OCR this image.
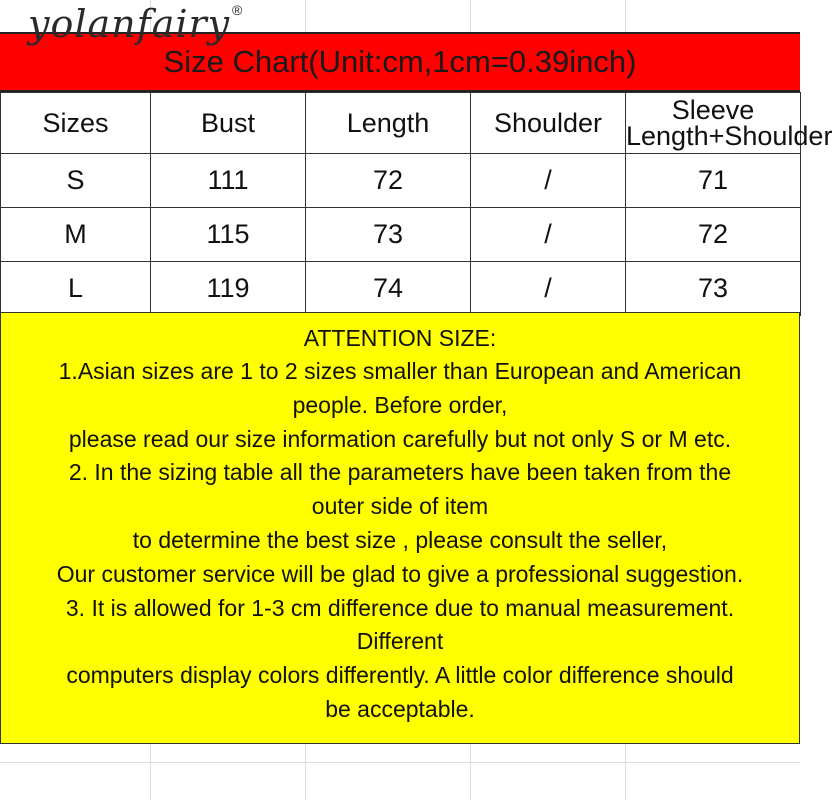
yolanfairy ®
Size Chart(Unit:cm,1cm=0.39inch)
Sizes	Bust	Length	Shoulder	Sleeve
Length+Shoulder

S	111	72	/	71
M	115	73	/	72
L	119	74	/	73
ATTENTION SIZE:
1.Asian sizes are 1 to 2 sizes smaller than European and American
people. Before order,
please read our size information carefully but not only S or M etc.
2. In the sizing table all the parameters have been taken from the
outer side of item
to determine the best size , please consult the seller,
Our customer service will be glad to give a professional suggestion.
3. It is allowed for 1-3 cm difference due to manual measurement.
Different
computers display colors differently. A little color difference should
be acceptable.
